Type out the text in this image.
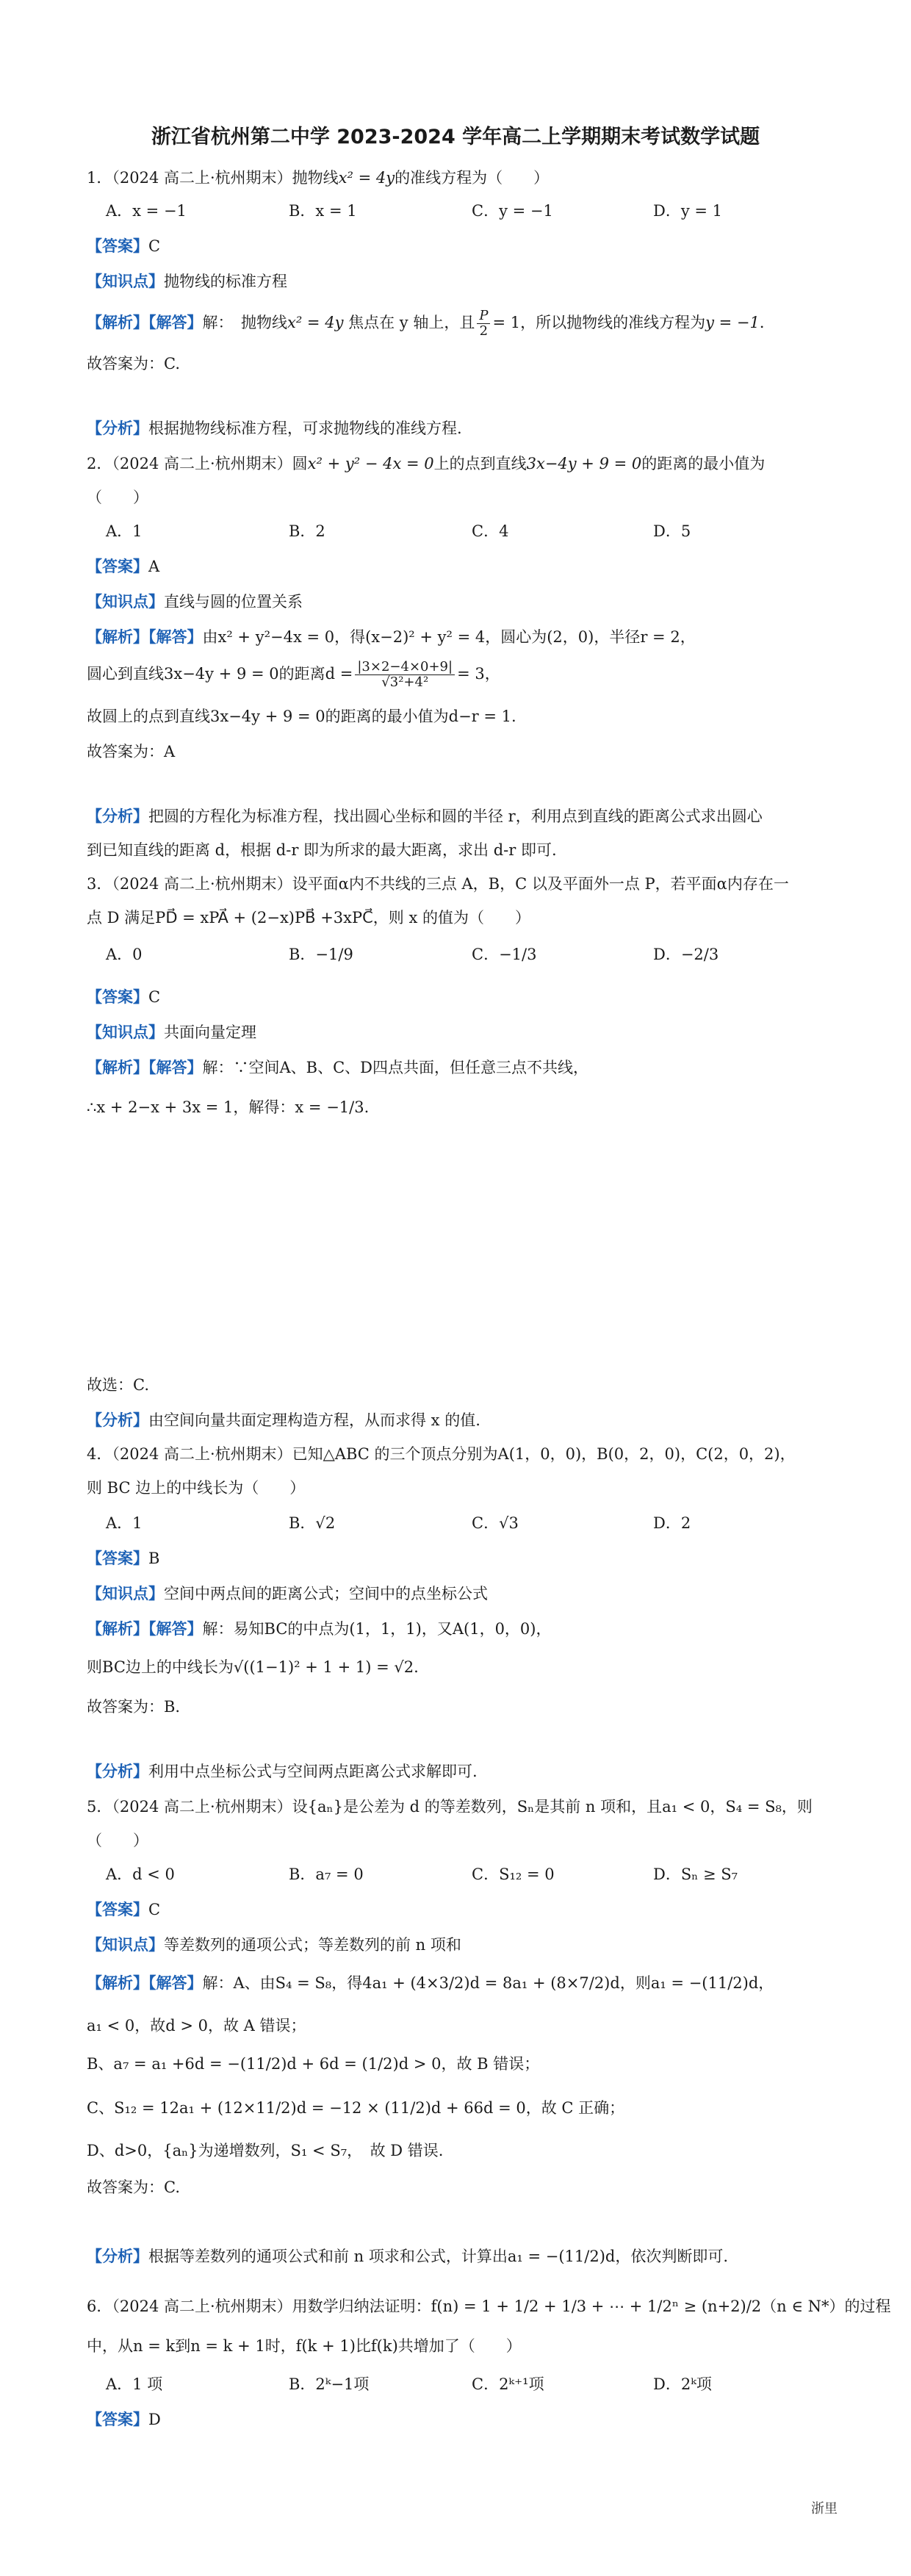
浙江省杭州第二中学 2023-2024 学年高二上学期期末考试数学试题
1．（2024 高二上·杭州期末）抛物线x² = 4y的准线方程为（　　）
A．x = −1	B．x = 1	C．y = −1	D．y = 1
【答案】C
【知识点】抛物线的标准方程
【解析】【解答】解：　抛物线x² = 4y 焦点在 y 轴上，且 $\frac{P}{2} = 1$，所以抛物线的准线方程为y = −1．
故答案为：C.
【分析】根据抛物线标准方程，可求抛物线的准线方程.
2．（2024 高二上·杭州期末）圆x² + y² − 4x = 0上的点到直线3x−4y + 9 = 0的距离的最小值为
（　　）
A．1	B．2	C．4	D．5
【答案】A
【知识点】直线与圆的位置关系
【解析】【解答】由x² + y²−4x = 0，得(x−2)² + y² = 4，圆心为(2，0)，半径r = 2，
圆心到直线3x−4y + 9 = 0的距离$d = \frac{|3\times 2-4\times 0+9|}{\text{√3²+4²}} = 3$，
故圆上的点到直线3x−4y + 9 = 0的距离的最小值为d−r = 1.
故答案为：A
【分析】把圆的方程化为标准方程，找出圆心坐标和圆的半径 r，利用点到直线的距离公式求出圆心
到已知直线的距离 d，根据 d-r 即为所求的最大距离，求出 d-r 即可.
3．（2024 高二上·杭州期末）设平面α内不共线的三点 A，B，C 以及平面外一点 P，若平面α内存在一
点 D 满足PD⃗ = xPA⃗ + (2−x)PB⃗ +3xPC⃗，则 x 的值为（　　）
A．0	B．−1/9	C．−1/3	D．−2/3
【答案】C
【知识点】共面向量定理
【解析】【解答】解：∵空间A、B、C、D四点共面，但任意三点不共线，
∴x + 2−x + 3x = 1，解得：x = −1/3.
故选：C.
【分析】由空间向量共面定理构造方程，从而求得 x 的值.
4．（2024 高二上·杭州期末）已知△ABC 的三个顶点分别为A(1，0，0)，B(0，2，0)，C(2，0，2)，
则 BC 边上的中线长为（　　）
A．1	B．√2	C．√3	D．2
【答案】B
【知识点】空间中两点间的距离公式；空间中的点坐标公式
【解析】【解答】解：易知BC的中点为(1，1，1)，又A(1，0，0)，
则BC边上的中线长为√((1−1)² + 1 + 1) = √2.
故答案为：B.
【分析】利用中点坐标公式与空间两点距离公式求解即可.
5．（2024 高二上·杭州期末）设{aₙ}是公差为 d 的等差数列，Sₙ是其前 n 项和，且a₁ < 0，S₄ = S₈，则
（　　）
A．d < 0	B．a₇ = 0	C．S₁₂ = 0	D．Sₙ ≥ S₇
【答案】C
【知识点】等差数列的通项公式；等差数列的前 n 项和
【解析】【解答】解：A、由S₄ = S₈，得4a₁ + (4×3/2)d = 8a₁ + (8×7/2)d，则a₁ = −(11/2)d，
a₁ < 0，故d > 0，故 A 错误；
B、a₇ = a₁ +6d = −(11/2)d + 6d = (1/2)d > 0，故 B 错误；
C、S₁₂ = 12a₁ + (12×11/2)d = −12 × (11/2)d + 66d = 0，故 C 正确；
D、d>0，{aₙ}为递增数列，S₁ < S₇，　故 D 错误.
故答案为：C.
【分析】根据等差数列的通项公式和前 n 项求和公式，计算出a₁ = −(11/2)d，依次判断即可.
6．（2024 高二上·杭州期末）用数学归纳法证明：f(n) = 1 + 1/2 + 1/3 + ⋯ + 1/2ⁿ ≥ (n+2)/2（n ∈ N*）的过程
中，从n = k到n = k + 1时，f(k + 1)比f(k)共增加了（　　）
A．1 项	B．2ᵏ−1项	C．2ᵏ⁺¹项	D．2ᵏ项
【答案】D
浙里
